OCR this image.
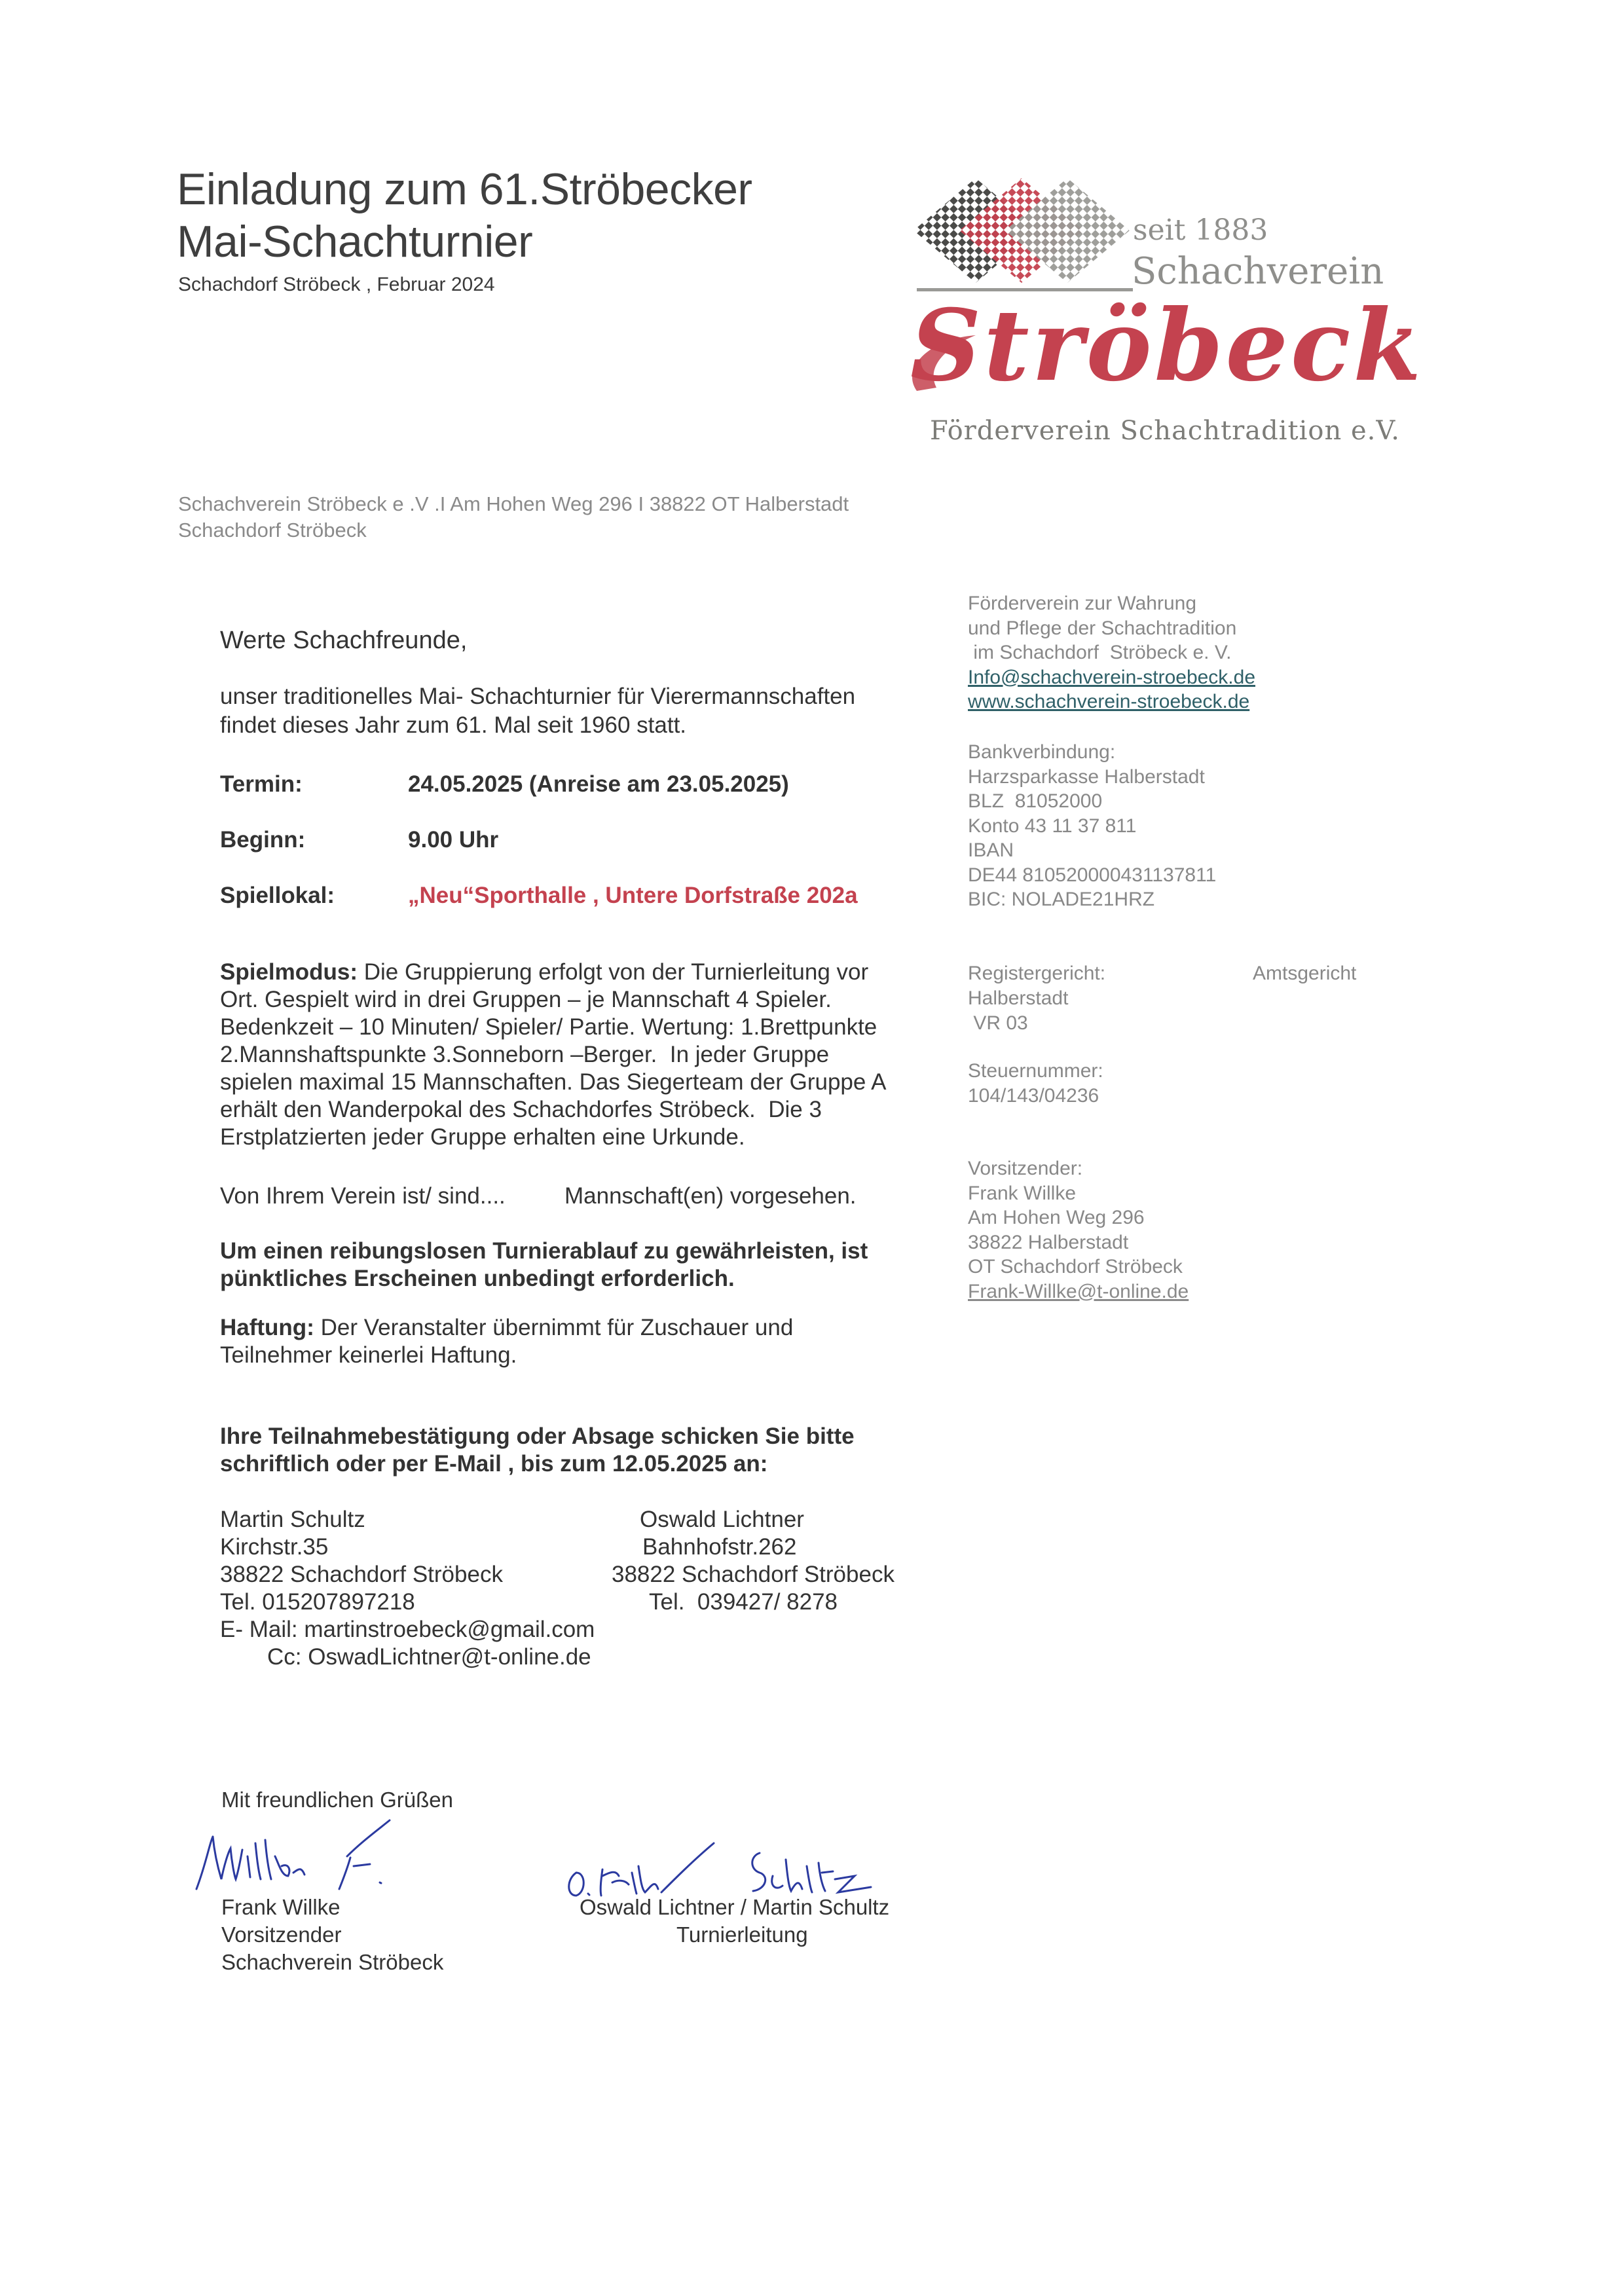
Einladung zum 61.Ströbecker
Mai-Schachturnier
Schachdorf Ströbeck , Februar 2024
seit 1883
Schachverein
Ströbeck
Förderverein Schachtradition e.V.
Schachverein Ströbeck e .V .I Am Hohen Weg 296 I 38822 OT Halberstadt
Schachdorf Ströbeck
Förderverein zur Wahrung
und Pflege der Schachtradition
im Schachdorf  Ströbeck e. V.
Info@schachverein-stroebeck.de
www.schachverein-stroebeck.de
Bankverbindung:
Harzsparkasse Halberstadt
BLZ  81052000
Konto 43 11 37 811
IBAN
DE44 810520000431137811
BIC: NOLADE21HRZ
Registergericht:	Amtsgericht
Halberstadt
VR 03
Steuernummer:
104/143/04236
Vorsitzender:
Frank Willke
Am Hohen Weg 296
38822 Halberstadt
OT Schachdorf Ströbeck
Frank-Willke@t-online.de
Werte Schachfreunde,
unser traditionelles Mai- Schachturnier für Vierermannschaften
findet dieses Jahr zum 61. Mal seit 1960 statt.
Termin:	24.05.2025 (Anreise am 23.05.2025)
Beginn:	9.00 Uhr
Spiellokal:	„Neu“Sporthalle , Untere Dorfstraße 202a
Spielmodus: Die Gruppierung erfolgt von der Turnierleitung vor
Ort. Gespielt wird in drei Gruppen – je Mannschaft 4 Spieler.
Bedenkzeit – 10 Minuten/ Spieler/ Partie. Wertung: 1.Brettpunkte
2.Mannshaftspunkte 3.Sonneborn –Berger.  In jeder Gruppe
spielen maximal 15 Mannschaften. Das Siegerteam der Gruppe A
erhält den Wanderpokal des Schachdorfes Ströbeck.  Die 3
Erstplatzierten jeder Gruppe erhalten eine Urkunde.
Von Ihrem Verein ist/ sind....	Mannschaft(en) vorgesehen.
Um einen reibungslosen Turnierablauf zu gewährleisten, ist
pünktliches Erscheinen unbedingt erforderlich.
Haftung: Der Veranstalter übernimmt für Zuschauer und
Teilnehmer keinerlei Haftung.
Ihre Teilnahmebestätigung oder Absage schicken Sie bitte
schriftlich oder per E-Mail , bis zum 12.05.2025 an:
Martin Schultz
Kirchstr.35
38822 Schachdorf Ströbeck
Tel. 015207897218
E- Mail: martinstroebeck@gmail.com
Cc: OswadLichtner@t-online.de
Oswald Lichtner
Bahnhofstr.262
38822 Schachdorf Ströbeck
Tel.  039427/ 8278
Mit freundlichen Grüßen
Frank Willke
Vorsitzender
Schachverein Ströbeck
Oswald Lichtner / Martin Schultz
Turnierleitung
